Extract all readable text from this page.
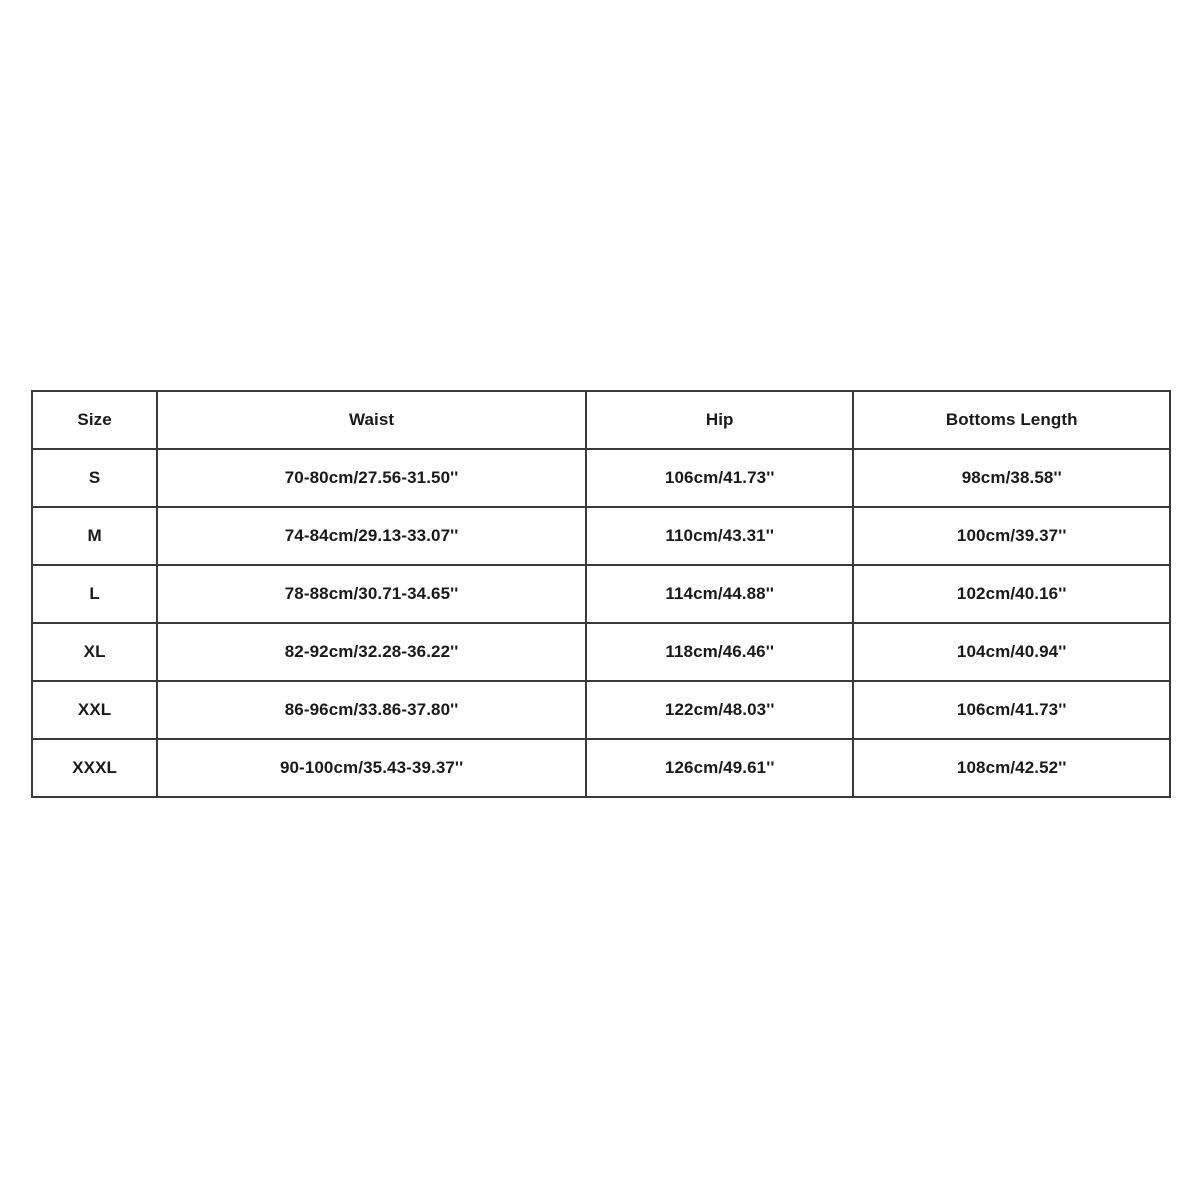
Size	Waist	Hip	Bottoms Length
S	70-80cm/27.56-31.50''	106cm/41.73''	98cm/38.58''
M	74-84cm/29.13-33.07''	110cm/43.31''	100cm/39.37''
L	78-88cm/30.71-34.65''	114cm/44.88''	102cm/40.16''
XL	82-92cm/32.28-36.22''	118cm/46.46''	104cm/40.94''
XXL	86-96cm/33.86-37.80''	122cm/48.03''	106cm/41.73''
XXXL	90-100cm/35.43-39.37''	126cm/49.61''	108cm/42.52''
